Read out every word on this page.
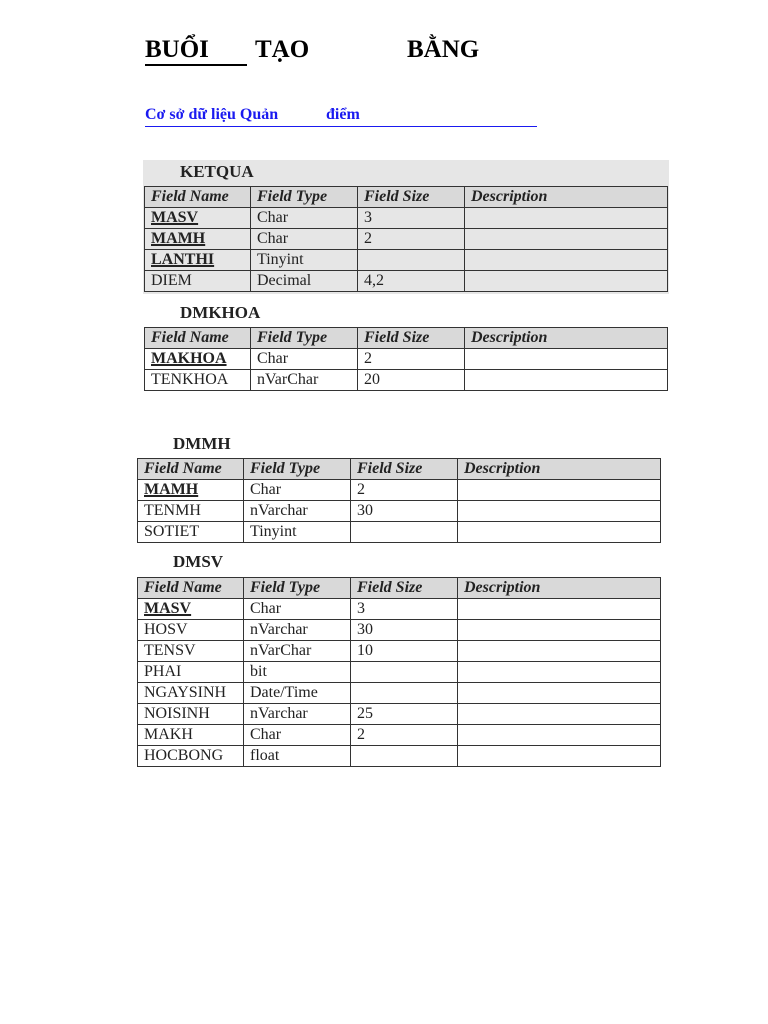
BUỔI	TẠO	BẰNG
Cơ sở dữ liệu Quản	điểm
KETQUA
Field Name	Field Type	Field Size	Description
MASV	Char	3	
MAMH	Char	2	
LANTHI	Tinyint		
DIEM	Decimal	4,2	
DMKHOA
Field Name	Field Type	Field Size	Description
MAKHOA	Char	2	
TENKHOA	nVarChar	20	
DMMH
Field Name	Field Type	Field Size	Description
MAMH	Char	2	
TENMH	nVarchar	30	
SOTIET	Tinyint		
DMSV
Field Name	Field Type	Field Size	Description
MASV	Char	3	
HOSV	nVarchar	30	
TENSV	nVarChar	10	
PHAI	bit		
NGAYSINH	Date/Time		
NOISINH	nVarchar	25	
MAKH	Char	2	
HOCBONG	float		
